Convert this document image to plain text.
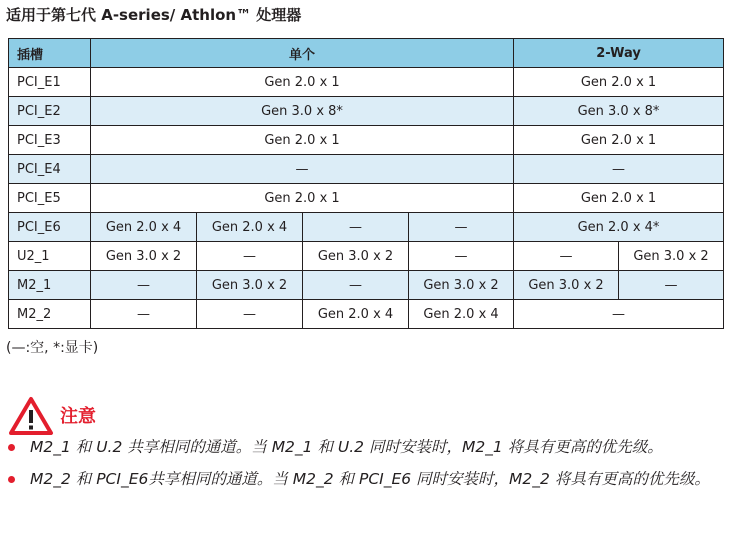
适用于第七代 A-series/ Athlon™ 处理器
插槽	单个				2-Way	
PCI_E1	Gen 2.0 x 1				Gen 2.0 x 1	
PCI_E2	Gen 3.0 x 8*				Gen 3.0 x 8*	
PCI_E3	Gen 2.0 x 1				Gen 2.0 x 1	
PCI_E4	—				—	
PCI_E5	Gen 2.0 x 1				Gen 2.0 x 1	
PCI_E6	Gen 2.0 x 4	Gen 2.0 x 4	—	—	Gen 2.0 x 4*	
U2_1	Gen 3.0 x 2	—	Gen 3.0 x 2	—	—	Gen 3.0 x 2
M2_1	—	Gen 3.0 x 2	—	Gen 3.0 x 2	Gen 3.0 x 2	—
M2_2	—	—	Gen 2.0 x 4	Gen 2.0 x 4	—	
(—:空, *:显卡)
注意
M2_1 和 U.2 共享相同的通道。当 M2_1 和 U.2 同时安装时，M2_1 将具有更高的优先级。
M2_2 和 PCI_E6共享相同的通道。当 M2_2 和 PCI_E6 同时安装时，M2_2 将具有更高的优先级。
